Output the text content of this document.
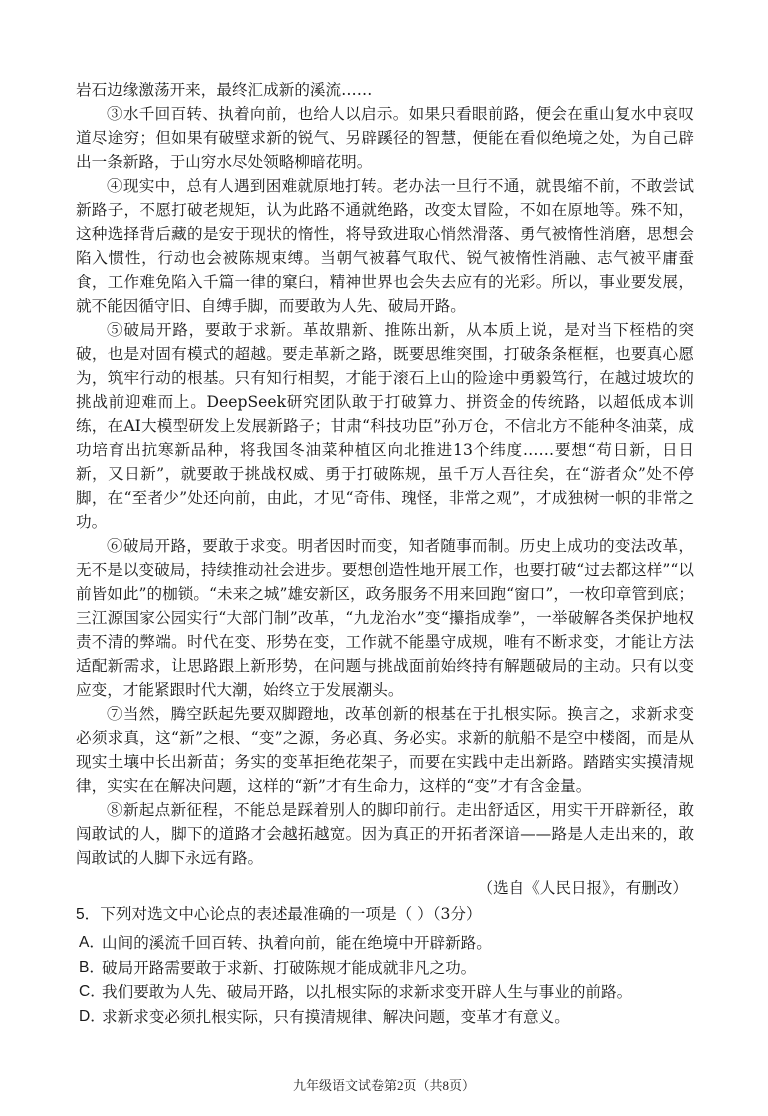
岩石边缘激荡开来，最终汇成新的溪流……

③水千回百转、执着向前，也给人以启示。如果只看眼前路，便会在重山复水中哀叹道尽途穷；但如果有破壁求新的锐气、另辟蹊径的智慧，便能在看似绝境之处，为自己辟出一条新路，于山穷水尽处领略柳暗花明。

④现实中，总有人遇到困难就原地打转。老办法一旦行不通，就畏缩不前，不敢尝试新路子，不愿打破老规矩，认为此路不通就绝路，改变太冒险，不如在原地等。殊不知，这种选择背后藏的是安于现状的惰性，将导致进取心悄然滑落、勇气被惰性消磨，思想会陷入惯性，行动也会被陈规束缚。当朝气被暮气取代、锐气被惰性消融、志气被平庸蚕食，工作难免陷入千篇一律的窠臼，精神世界也会失去应有的光彩。所以，事业要发展，就不能因循守旧、自缚手脚，而要敢为人先、破局开路。

⑤破局开路，要敢于求新。革故鼎新、推陈出新，从本质上说，是对当下桎梏的突破，也是对固有模式的超越。要走革新之路，既要思维突围，打破条条框框，也要真心愿为，筑牢行动的根基。只有知行相契，才能于滚石上山的险途中勇毅笃行，在越过坡坎的挑战前迎难而上。DeepSeek研究团队敢于打破算力、拼资金的传统路，以超低成本训练，在AI大模型研发上发展新路子；甘肃“科技功臣”孙万仓，不信北方不能种冬油菜，成功培育出抗寒新品种，将我国冬油菜种植区向北推进13个纬度……要想“苟日新，日日新，又日新”，就要敢于挑战权威、勇于打破陈规，虽千万人吾往矣，在“游者众”处不停脚，在“至者少”处还向前，由此，才见“奇伟、瑰怪，非常之观”，才成独树一帜的非常之功。

⑥破局开路，要敢于求变。明者因时而变，知者随事而制。历史上成功的变法改革，无不是以变破局，持续推动社会进步。要想创造性地开展工作，也要打破“过去都这样”“以前皆如此”的枷锁。“未来之城”雄安新区，政务服务不用来回跑“窗口”，一枚印章管到底；三江源国家公园实行“大部门制”改革，“九龙治水”变“攥指成拳”，一举破解各类保护地权责不清的弊端。时代在变、形势在变，工作就不能墨守成规，唯有不断求变，才能让方法适配新需求，让思路跟上新形势，在问题与挑战面前始终持有解题破局的主动。只有以变应变，才能紧跟时代大潮，始终立于发展潮头。

⑦当然，腾空跃起先要双脚蹬地，改革创新的根基在于扎根实际。换言之，求新求变必须求真，这“新”之根、“变”之源，务必真、务必实。求新的航船不是空中楼阁，而是从现实土壤中长出新苗；务实的变革拒绝花架子，而要在实践中走出新路。踏踏实实摸清规律，实实在在解决问题，这样的“新”才有生命力，这样的“变”才有含金量。

⑧新起点新征程，不能总是踩着别人的脚印前行。走出舒适区，用实干开辟新径，敢闯敢试的人，脚下的道路才会越拓越宽。因为真正的开拓者深谙——路是人走出来的，敢闯敢试的人脚下永远有路。

（选自《人民日报》，有删改）

5．下列对选文中心论点的表述最准确的一项是（ ）（3分）

A．
山间的溪流千回百转、执着向前，能在绝境中开辟新路。
B．
破局开路需要敢于求新、打破陈规才能成就非凡之功。
C．
我们要敢为人先、破局开路，以扎根实际的求新求变开辟人生与事业的前路。
D．
求新求变必须扎根实际，只有摸清规律、解决问题，变革才有意义。
九年级语文试卷第2页（共8页）
